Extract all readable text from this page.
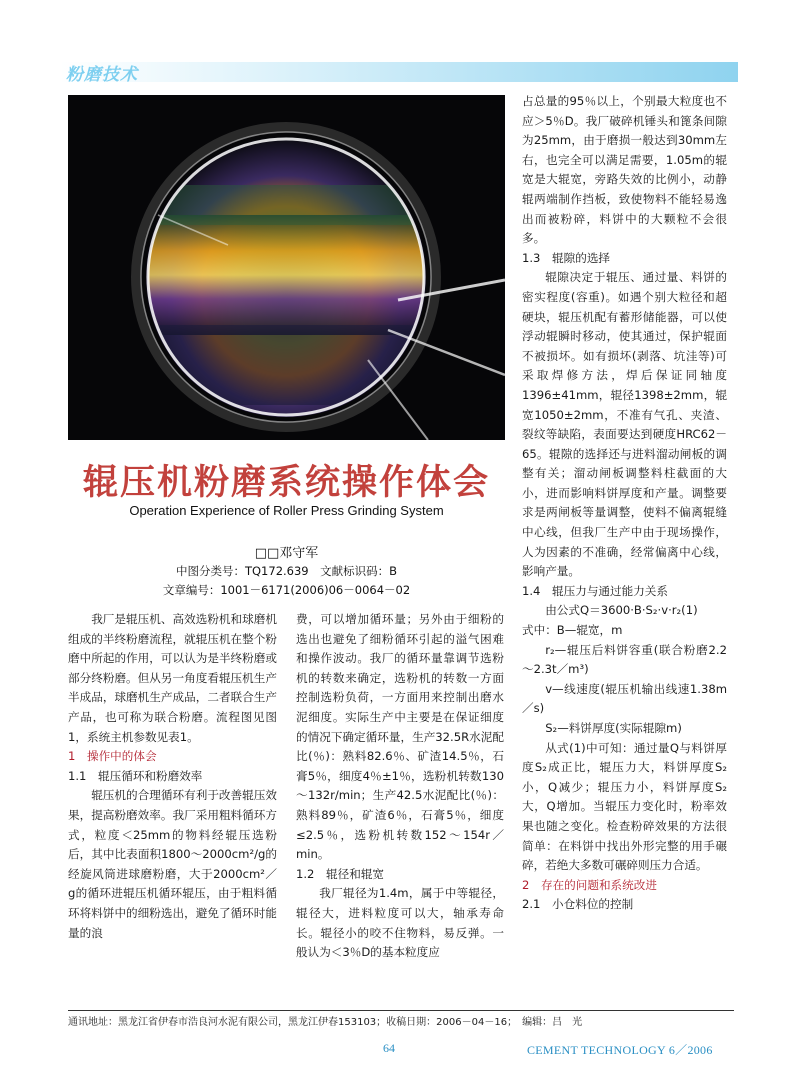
粉磨技术
辊压机粉磨系统操作体会
Operation Experience of Roller Press Grinding System
□□邓守军
中图分类号：TQ172.639　文献标识码：B
文章编号：1001－6171(2006)06－0064－02

我厂是辊压机、高效选粉机和球磨机组成的半终粉磨流程，就辊压机在整个粉磨中所起的作用，可以认为是半终粉磨或部分终粉磨。但从另一角度看辊压机生产半成品，球磨机生产成品，二者联合生产产品，也可称为联合粉磨。流程图见图1，系统主机参数见表1。

1　操作中的体会

1.1　辊压循环和粉磨效率

辊压机的合理循环有利于改善辊压效果，提高粉磨效率。我厂采用粗料循环方式，粒度＜25mm的物料经辊压选粉后，其中比表面积1800～2000cm²/g的经旋风筒进球磨粉磨，大于2000cm²／g的循环进辊压机循环辊压，由于粗料循环将料饼中的细粉选出，避免了循环时能量的浪

费，可以增加循环量；另外由于细粉的选出也避免了细粉循环引起的溢气困难和操作波动。我厂的循环量靠调节选粉机的转数来确定，选粉机的转数一方面控制选粉负荷，一方面用来控制出磨水泥细度。实际生产中主要是在保证细度的情况下确定循环量，生产32.5R水泥配比(％)：熟料82.6％、矿渣14.5％，石膏5％，细度4％±1％，选粉机转数130～132r/min；生产42.5水泥配比(％)：熟料89％，矿渣6％，石膏5％，细度≤2.5％，选粉机转数152～154r／min。

1.2　辊径和辊宽

我厂辊径为1.4m，属于中等辊径，辊径大，进料粒度可以大，轴承寿命长。辊径小的咬不住物料，易反弹。一般认为＜3％D的基本粒度应

占总量的95％以上，个别最大粒度也不应＞5％D。我厂破碎机锤头和篦条间隙为25mm，由于磨损一般达到30mm左右，也完全可以满足需要，1.05m的辊宽是大辊宽，旁路失效的比例小，动静辊两端制作挡板，致使物料不能轻易逸出而被粉碎，料饼中的大颗粒不会很多。

1.3　辊隙的选择

辊隙决定于辊压、通过量、料饼的密实程度(容重)。如遇个别大粒径和超硬块，辊压机配有蓄形储能器，可以使浮动辊瞬时移动，使其通过，保护辊面不被损坏。如有损坏(剥落、坑洼等)可采取焊修方法，焊后保证同轴度1396±41mm，辊径1398±2mm，辊宽1050±2mm，不准有气孔、夹渣、裂纹等缺陷，表面要达到硬度HRC62－65。辊隙的选择还与进料溜动闸板的调整有关；溜动闸板调整料柱截面的大小，进而影响料饼厚度和产量。调整要求是两闸板等量调整，使料不偏离辊缝中心线，但我厂生产中由于现场操作，人为因素的不准确，经常偏离中心线，影响产量。

1.4　辊压力与通过能力关系

由公式Q＝3600·B·S₂·v·r₂(1)

式中：B—辊宽，m

r₂—辊压后料饼容重(联合粉磨2.2～2.3t／m³)

v—线速度(辊压机输出线速1.38m／s)

S₂—料饼厚度(实际辊隙m)

从式(1)中可知：通过量Q与料饼厚度S₂成正比，辊压力大，料饼厚度S₂小，Q减少；辊压力小，料饼厚度S₂大，Q增加。当辊压力变化时，粉率效果也随之变化。检查粉碎效果的方法很简单：在料饼中找出外形完整的用手碾碎，若绝大多数可碾碎则压力合适。

2　存在的问题和系统改进

2.1　小仓料位的控制

通讯地址：黑龙江省伊春市浩良河水泥有限公司，黑龙江伊春153103；收稿日期：2006－04－16；　编辑：吕　光
64	CEMENT TECHNOLOGY 6／2006
